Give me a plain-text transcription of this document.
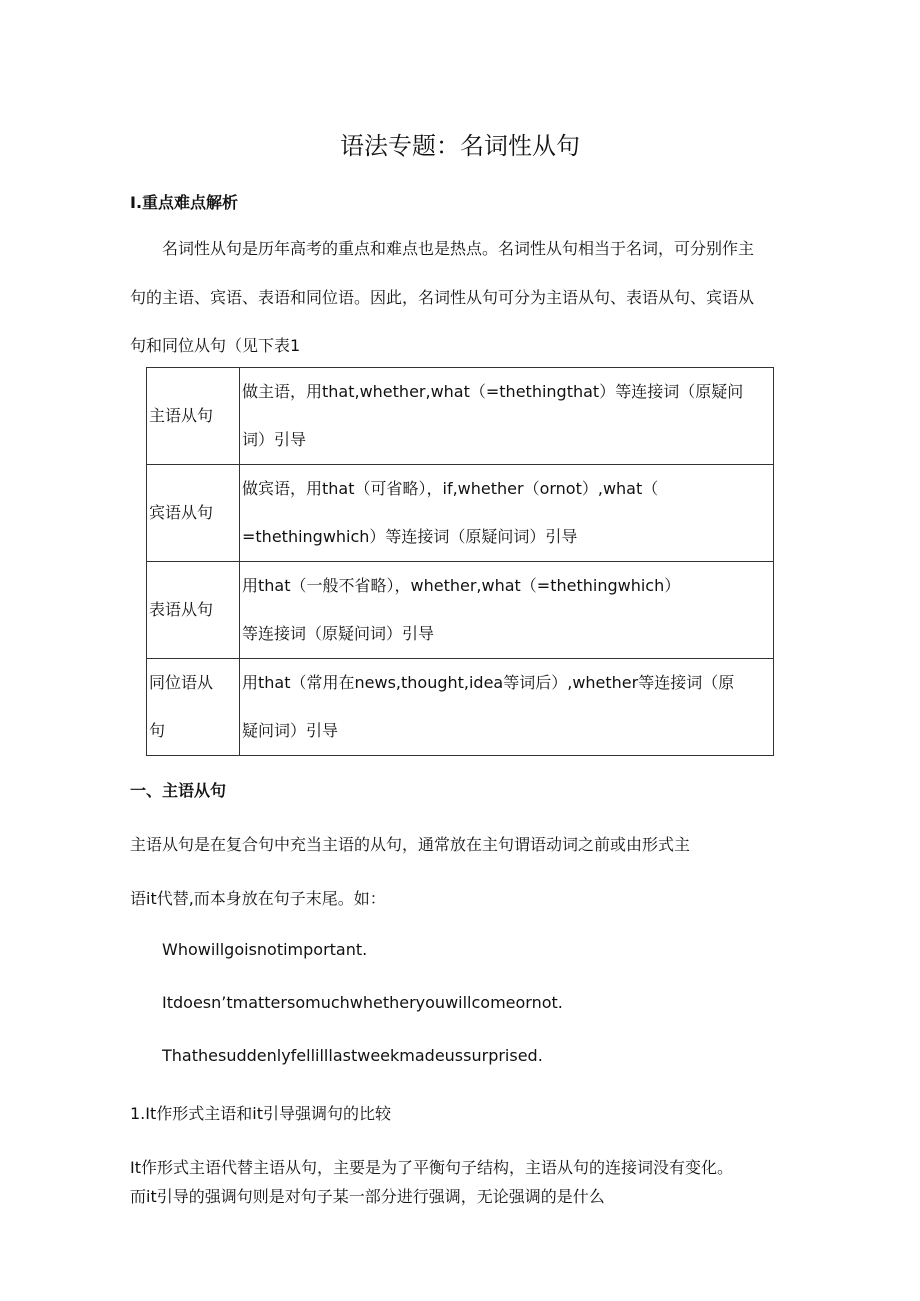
语法专题：名词性从句
I.重点难点解析
名词性从句是历年高考的重点和难点也是热点。名词性从句相当于名词，可分别作主
句的主语、宾语、表语和同位语。因此，名词性从句可分为主语从句、表语从句、宾语从
句和同位从句（见下表1
主语从句	做主语，用that,whether,what（=thethingthat）等连接词（原疑问
词）引导

宾语从句	做宾语，用that（可省略），if,whether（ornot）,what（
=thethingwhich）等连接词（原疑问词）引导

表语从句	用that（一般不省略），whether,what（=thethingwhich）
等连接词（原疑问词）引导

同位语从
句	用that（常用在news,thought,idea等词后）,whether等连接词（原
疑问词）引导
一、主语从句
主语从句是在复合句中充当主语的从句，通常放在主句谓语动词之前或由形式主
语it代替,而本身放在句子末尾。如：
Whowillgoisnotimportant.
Itdoesn’tmattersomuchwhetheryouwillcomeornot.
Thathesuddenlyfellilllastweekmadeussurprised.
1.It作形式主语和it引导强调句的比较
It作形式主语代替主语从句，主要是为了平衡句子结构，主语从句的连接词没有变化。
而it引导的强调句则是对句子某一部分进行强调，无论强调的是什么
